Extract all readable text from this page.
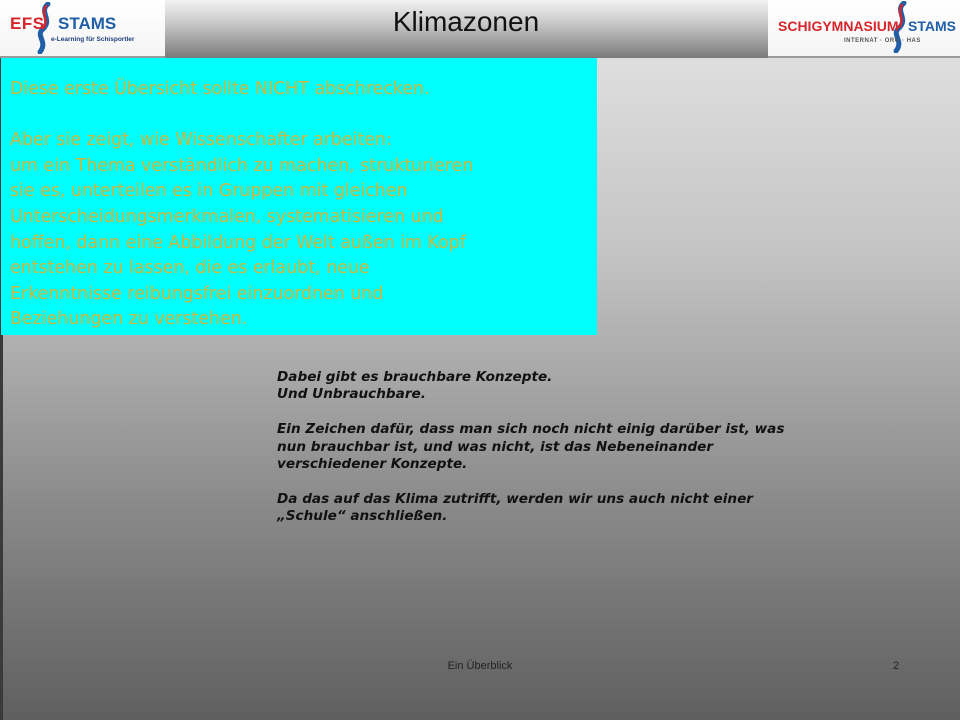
EFS STAMS
e-Learning für Schisportler
Klimazonen	SCHIGYMNASIUM STAMS
INTERNAT · ORG · HAS

Diese erste Übersicht sollte NICHT abschrecken.

Aber sie zeigt, wie Wissenschafter arbeiten:

um ein Thema verständlich zu machen, strukturieren

sie es, unterteilen es in Gruppen mit gleichen

Unterscheidungsmerkmalen, systematisieren und

hoffen, dann eine Abbildung der Welt außen im Kopf

entstehen zu lassen, die es erlaubt, neue

Erkenntnisse reibungsfrei einzuordnen und

Beziehungen zu verstehen.

Dabei gibt es brauchbare Konzepte.

Und Unbrauchbare.

Ein Zeichen dafür, dass man sich noch nicht einig darüber ist, was

nun brauchbar ist, und was nicht, ist das Nebeneinander

verschiedener Konzepte.

Da das auf das Klima zutrifft, werden wir uns auch nicht einer

„Schule“ anschließen.

Ein Überblick	2
